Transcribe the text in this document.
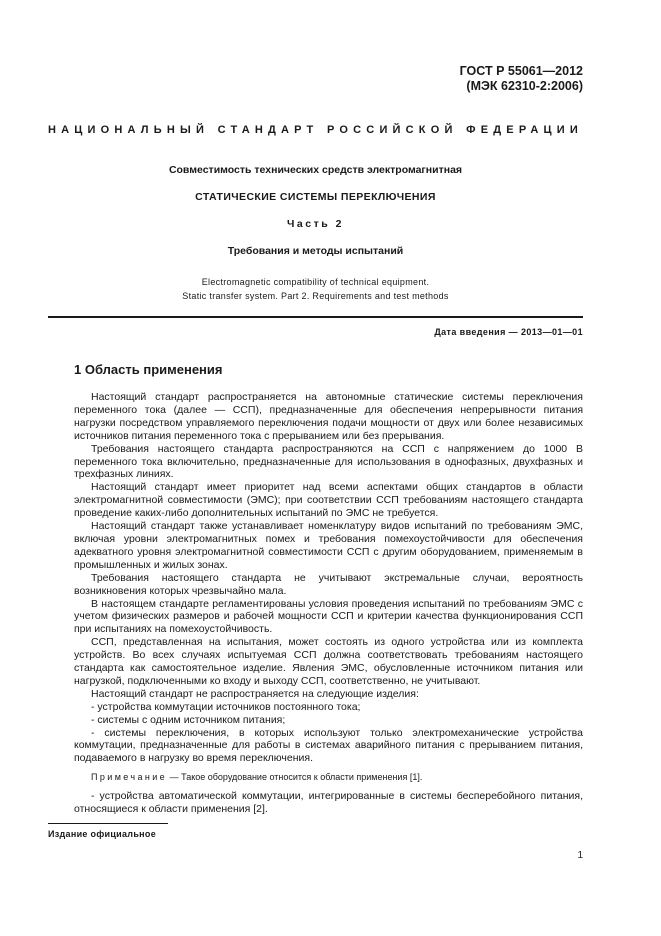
ГОСТ Р 55061—2012
(МЭК 62310-2:2006)
НАЦИОНАЛЬНЫЙ СТАНДАРТ РОССИЙСКОЙ ФЕДЕРАЦИИ
Совместимость технических средств электромагнитная
СТАТИЧЕСКИЕ СИСТЕМЫ ПЕРЕКЛЮЧЕНИЯ
Часть 2
Требования и методы испытаний
Electromagnetic compatibility of technical equipment.
Static transfer system. Part 2. Requirements and test methods
Дата введения — 2013—01—01
1 Область применения

Настоящий стандарт распространяется на автономные статические системы переключения переменного тока (далее — ССП), предназначенные для обеспечения непрерывности питания нагрузки посредством управляемого переключения подачи мощности от двух или более независимых источников питания переменного тока с прерыванием или без прерывания.

Требования настоящего стандарта распространяются на ССП с напряжением до 1000 В переменного тока включительно, предназначенные для использования в однофазных, двухфазных и трехфазных линиях.

Настоящий стандарт имеет приоритет над всеми аспектами общих стандартов в области электромагнитной совместимости (ЭМС); при соответствии ССП требованиям настоящего стандарта проведение каких-либо дополнительных испытаний по ЭМС не требуется.

Настоящий стандарт также устанавливает номенклатуру видов испытаний по требованиям ЭМС, включая уровни электромагнитных помех и требования помехоустойчивости для обеспечения адекватного уровня электромагнитной совместимости ССП с другим оборудованием, применяемым в промышленных и жилых зонах.

Требования настоящего стандарта не учитывают экстремальные случаи, вероятность возникновения которых чрезвычайно мала.

В настоящем стандарте регламентированы условия проведения испытаний по требованиям ЭМС с учетом физических размеров и рабочей мощности ССП и критерии качества функционирования ССП при испытаниях на помехоустойчивость.

ССП, представленная на испытания, может состоять из одного устройства или из комплекта устройств. Во всех случаях испытуемая ССП должна соответствовать требованиям настоящего стандарта как самостоятельное изделие. Явления ЭМС, обусловленные источником питания или нагрузкой, подключенными ко входу и выходу ССП, соответственно, не учитывают.

Настоящий стандарт не распространяется на следующие изделия:

- устройства коммутации источников постоянного тока;

- системы с одним источником питания;

- системы переключения, в которых используют только электромеханические устройства коммутации, предназначенные для работы в системах аварийного питания с прерыванием питания, подаваемого в нагрузку во время переключения.

Примечание — Такое оборудование относится к области применения [1].

- устройства автоматической коммутации, интегрированные в системы бесперебойного питания, относящиеся к области применения [2].

Издание официальное
1
